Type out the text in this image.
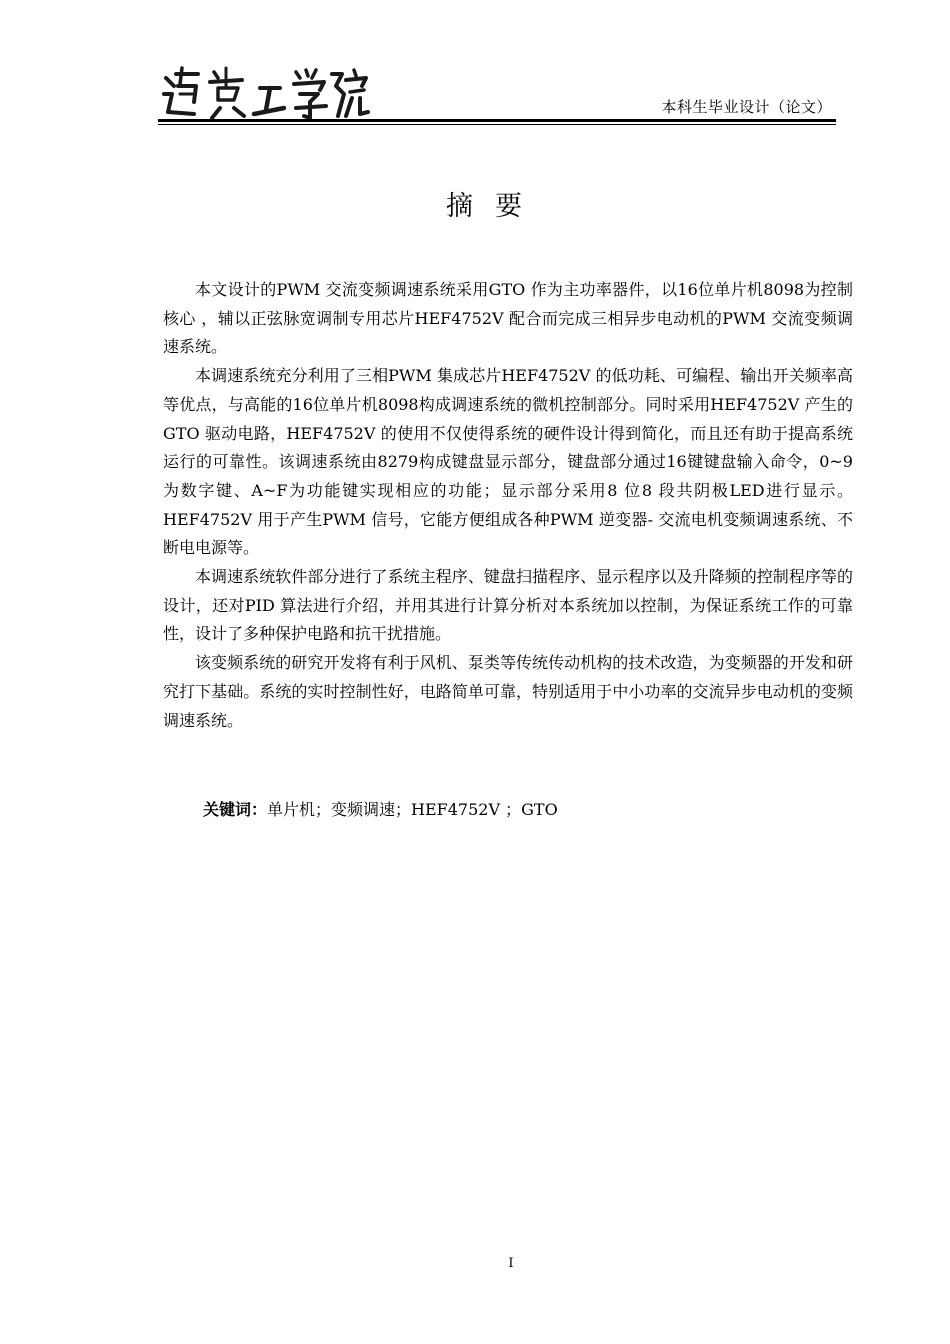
本科生毕业设计（论文）
摘要

本文设计的PWM 交流变频调速系统采用GTO 作为主功率器件，以16位单片机8098为控制核心 ，辅以正弦脉宽调制专用芯片HEF4752V 配合而完成三相异步电动机的PWM 交流变频调速系统。

本调速系统充分利用了三相PWM 集成芯片HEF4752V 的低功耗、可编程、输出开关频率高等优点，与高能的16位单片机8098构成调速系统的微机控制部分。同时采用HEF4752V 产生的GTO 驱动电路，HEF4752V 的使用不仅使得系统的硬件设计得到简化，而且还有助于提高系统运行的可靠性。该调速系统由8279构成键盘显示部分，键盘部分通过16键键盘输入命令，0~9 为数字键、A~F为功能键实现相应的功能；显示部分采用8 位8 段共阴极LED进行显示。HEF4752V 用于产生PWM 信号，它能方便组成各种PWM 逆变器- 交流电机变频调速系统、不断电电源等。

本调速系统软件部分进行了系统主程序、键盘扫描程序、显示程序以及升降频的控制程序等的设计，还对PID 算法进行介绍，并用其进行计算分析对本系统加以控制，为保证系统工作的可靠性，设计了多种保护电路和抗干扰措施。

该变频系统的研究开发将有利于风机、泵类等传统传动机构的技术改造，为变频器的开发和研究打下基础。系统的实时控制性好，电路简单可靠，特别适用于中小功率的交流异步电动机的变频调速系统。

关键词：单片机；变频调速；HEF4752V ；GTO
I
